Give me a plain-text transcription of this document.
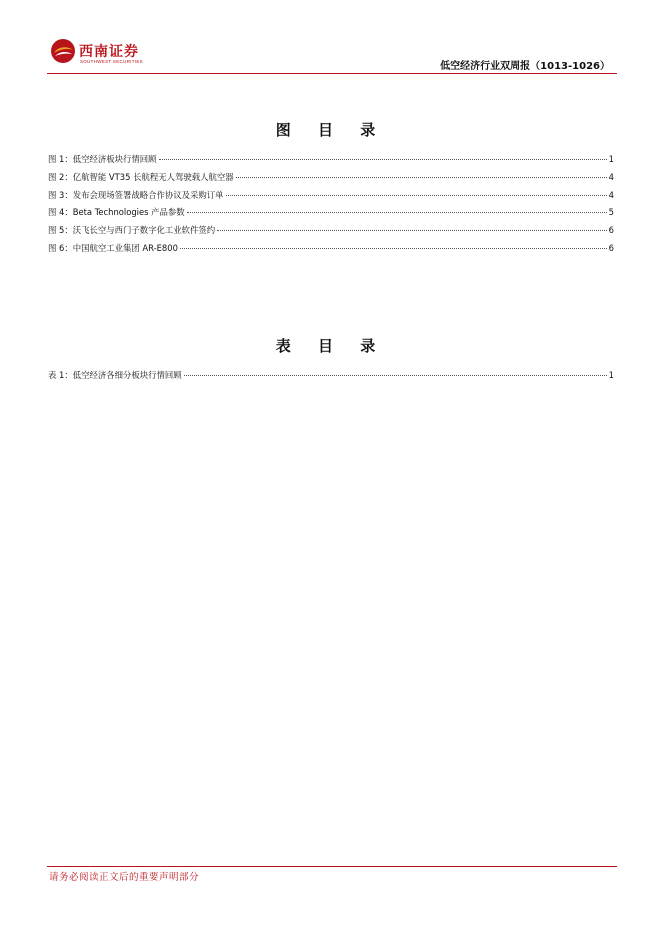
西南证券
SOUTHWEST SECURITIES	低空经济行业双周报（1013-1026）
图 目 录
图 1：低空经济板块行情回顾	1
图 2：亿航智能 VT35 长航程无人驾驶载人航空器	4
图 3：发布会现场签署战略合作协议及采购订单	4
图 4：Beta Technologies 产品参数	5
图 5：沃飞长空与西门子数字化工业软件签约	6
图 6：中国航空工业集团 AR-E800	6
表 目 录
表 1：低空经济各细分板块行情回顾	1
请务必阅读正文后的重要声明部分
